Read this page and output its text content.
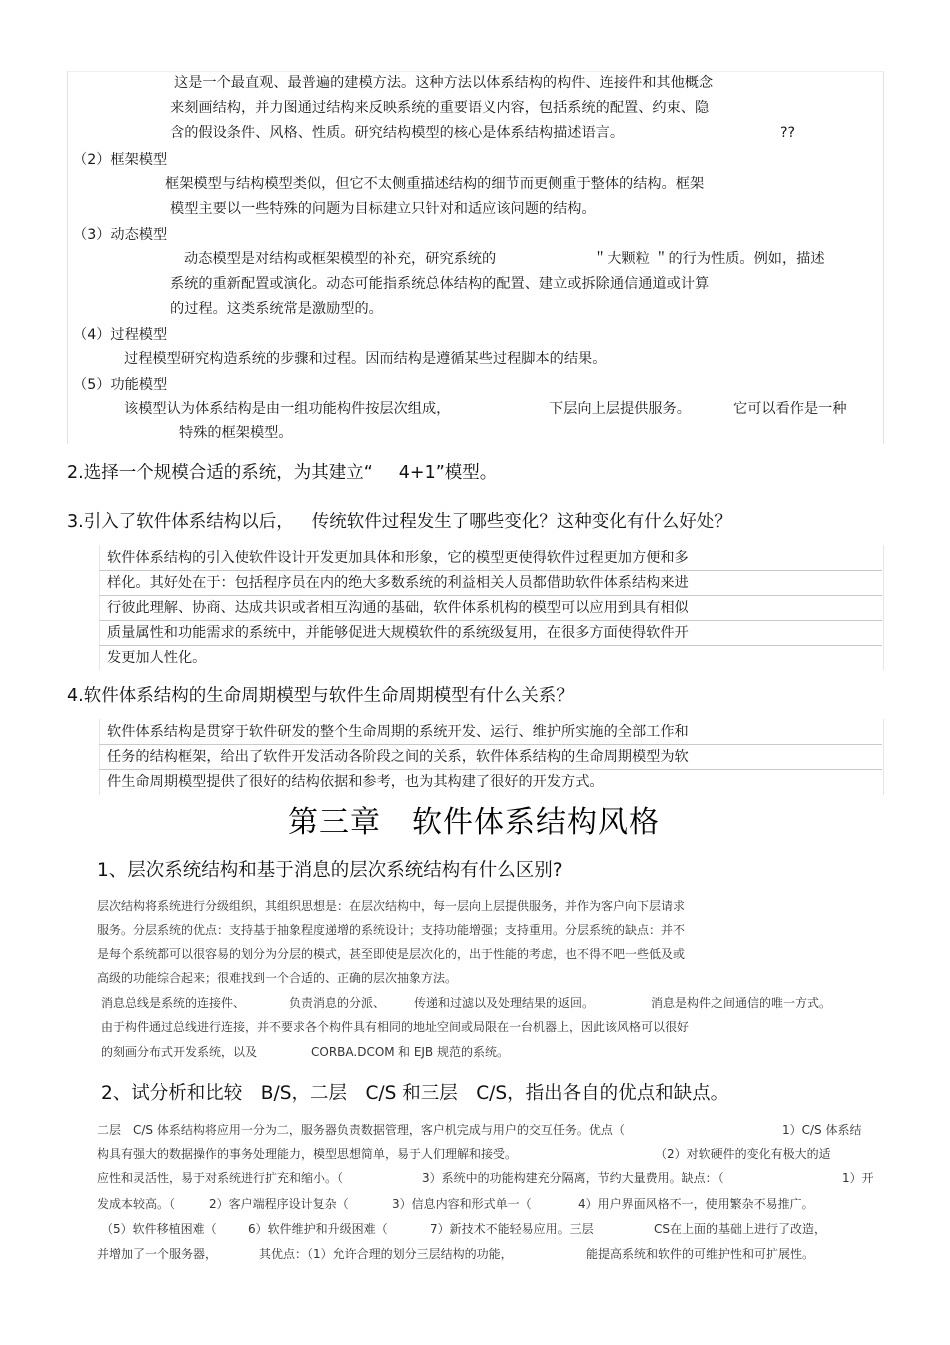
这是一个最直观、最普遍的建模方法。这种方法以体系结构的构件、连接件和其他概念

来刻画结构，并力图通过结构来反映系统的重要语义内容，包括系统的配置、约束、隐

含的假设条件、风格、性质。研究结构模型的核心是体系结构描述语言。	??

（2）框架模型

框架模型与结构模型类似，但它不太侧重描述结构的细节而更侧重于整体的结构。框架

模型主要以一些特殊的问题为目标建立只针对和适应该问题的结构。

（3）动态模型

动态模型是对结构或框架模型的补充，研究系统的	＂大颗粒 ＂的行为性质。例如，描述

系统的重新配置或演化。动态可能指系统总体结构的配置、建立或拆除通信通道或计算

的过程。这类系统常是激励型的。

（4）过程模型

过程模型研究构造系统的步骤和过程。因而结构是遵循某些过程脚本的结果。

（5）功能模型

该模型认为体系结构是由一组功能构件按层次组成，	下层向上层提供服务。	它可以看作是一种

特殊的框架模型。

2.选择一个规模合适的系统，为其建立“ 4+1”模型。

3.引入了软件体系结构以后， 传统软件过程发生了哪些变化？这种变化有什么好处？

软件体系结构的引入使软件设计开发更加具体和形象，它的模型更使得软件过程更加方便和多

样化。其好处在于：包括程序员在内的绝大多数系统的利益相关人员都借助软件体系结构来进

行彼此理解、协商、达成共识或者相互沟通的基础，软件体系机构的模型可以应用到具有相似

质量属性和功能需求的系统中，并能够促进大规模软件的系统级复用，在很多方面使得软件开

发更加人性化。

4.软件体系结构的生命周期模型与软件生命周期模型有什么关系？

软件体系结构是贯穿于软件研发的整个生命周期的系统开发、运行、维护所实施的全部工作和

任务的结构框架，给出了软件开发活动各阶段之间的关系，软件体系结构的生命周期模型为软

件生命周期模型提供了很好的结构依据和参考，也为其构建了很好的开发方式。

第三章　软件体系结构风格

1、层次系统结构和基于消息的层次系统结构有什么区别?

层次结构将系统进行分级组织，其组织思想是：在层次结构中，每一层向上层提供服务，并作为客户向下层请求

服务。分层系统的优点：支持基于抽象程度递增的系统设计；支持功能增强；支持重用。分层系统的缺点：并不

是每个系统都可以很容易的划分为分层的模式，甚至即使是层次化的，出于性能的考虑，也不得不吧一些低及或

高级的功能综合起来；很难找到一个合适的、正确的层次抽象方法。

消息总线是系统的连接件、	负责消息的分派、 传递和过滤以及处理结果的返回。	消息是构件之间通信的唯一方式。

由于构件通过总线进行连接，并不要求各个构件具有相同的地址空间或局限在一台机器上，因此该风格可以很好

的刻画分布式开发系统，以及	CORBA.DCOM 和 EJB 规范的系统。

2、试分析和比较　B/S，二层　C/S 和三层　C/S，指出各自的优点和缺点。

二层　C/S 体系结构将应用一分为二，服务器负责数据管理，客户机完成与用户的交互任务。优点（	1）C/S 体系结

构具有强大的数据操作的事务处理能力，模型思想简单，易于人们理解和接受。	（2）对软硬件的变化有极大的适

应性和灵活性，易于对系统进行扩充和缩小。（	3）系统中的功能构建充分隔离，节约大量费用。缺点：（	1）开

发成本较高。（	2）客户端程序设计复杂（	3）信息内容和形式单一（	4）用户界面风格不一，使用繁杂不易推广。

（5）软件移植困难（	6）软件维护和升级困难（	7）新技术不能轻易应用。三层	CS在上面的基础上进行了改造，

并增加了一个服务器，	其优点：（1）允许合理的划分三层结构的功能，	能提高系统和软件的可维护性和可扩展性。
